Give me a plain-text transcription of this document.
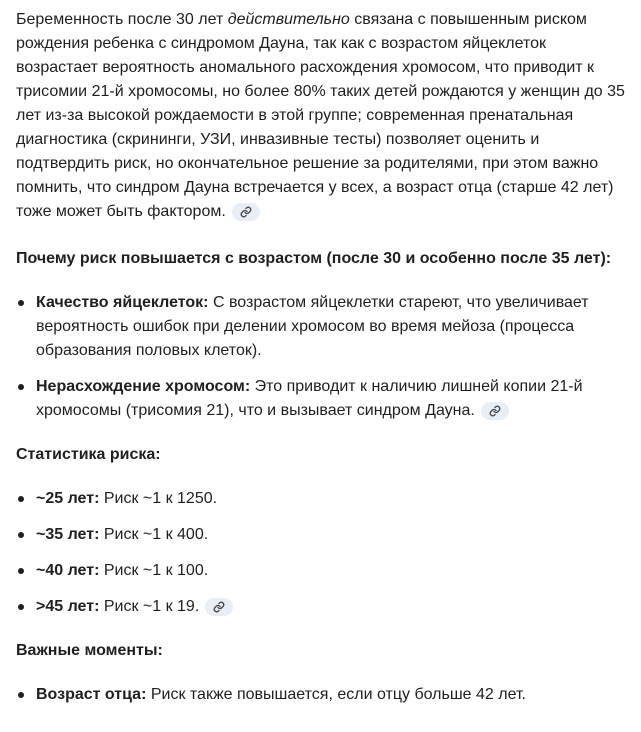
Беременность после 30 лет действительно связана с повышенным риском рождения ребенка с синдромом Дауна, так как с возрастом яйцеклеток возрастает вероятность аномального расхождения хромосом, что приводит к трисомии 21-й хромосомы, но более 80% таких детей рождаются у женщин до 35 лет из-за высокой рождаемости в этой группе; современная пренатальная диагностика (скрининги, УЗИ, инвазивные тесты) позволяет оценить и подтвердить риск, но окончательное решение за родителями, при этом важно помнить, что синдром Дауна встречается у всех, а возраст отца (старше 42 лет) тоже может быть фактором.

Почему риск повышается с возрастом (после 30 и особенно после 35 лет):

Качество яйцеклеток: С возрастом яйцеклетки стареют, что увеличивает вероятность ошибок при делении хромосом во время мейоза (процесса образования половых клеток).
Нерасхождение хромосом: Это приводит к наличию лишней копии 21-й хромосомы (трисомия 21), что и вызывает синдром Дауна.

Статистика риска:

~25 лет: Риск ~1 к 1250.
~35 лет: Риск ~1 к 400.
~40 лет: Риск ~1 к 100.
>45 лет: Риск ~1 к 19.

Важные моменты:

Возраст отца: Риск также повышается, если отцу больше 42 лет.
